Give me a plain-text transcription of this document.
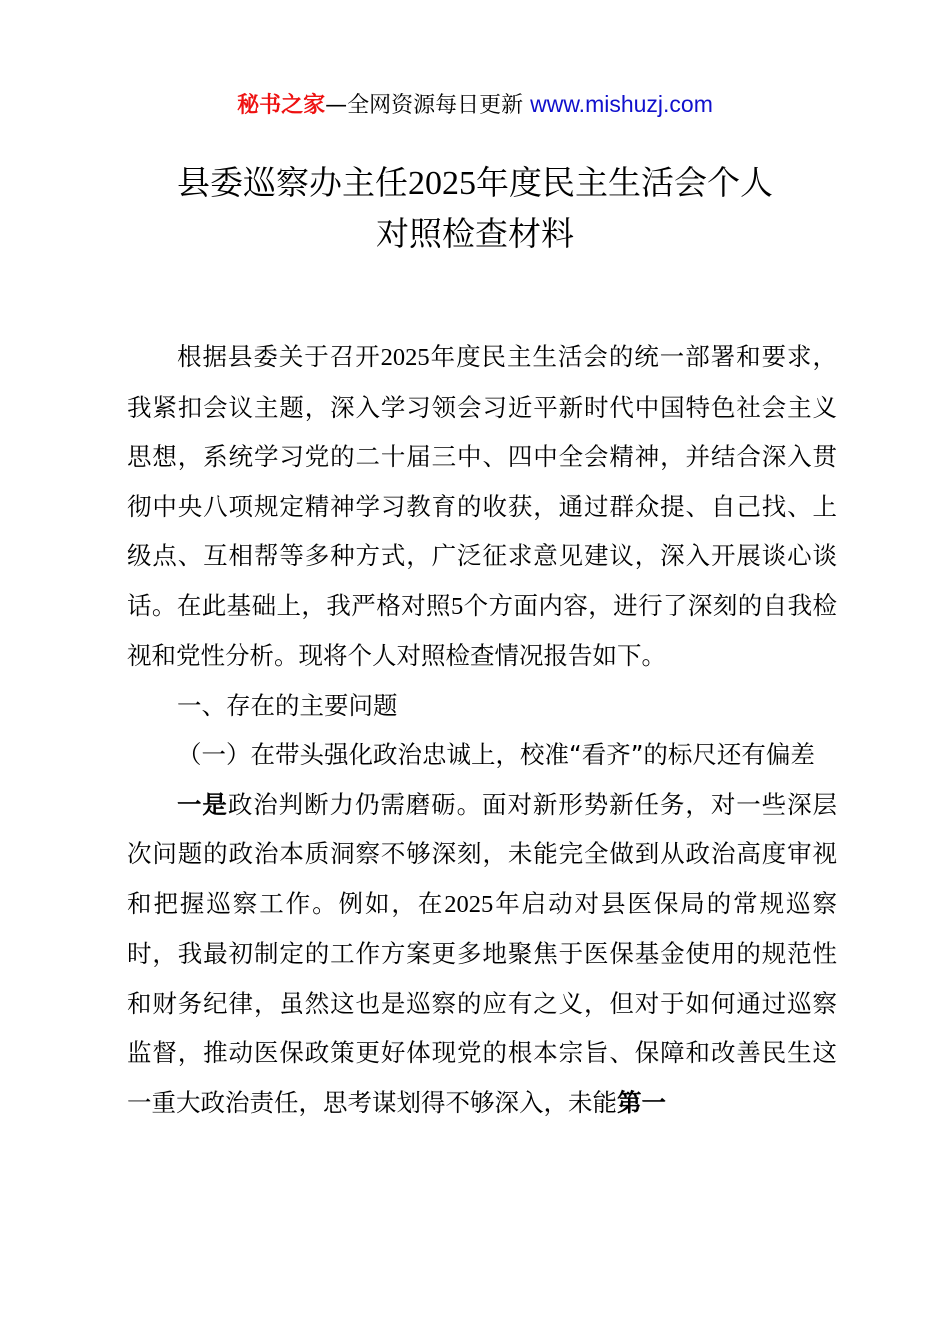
秘书之家—全网资源每日更新 www.mishuzj.com
县委巡察办主任2025年度民主生活会个人
对照检查材料

根据县委关于召开2025年度民主生活会的统一部署和要求，我紧扣会议主题，深入学习领会习近平新时代中国特色社会主义思想，系统学习党的二十届三中、四中全会精神，并结合深入贯彻中央八项规定精神学习教育的收获，通过群众提、自己找、上级点、互相帮等多种方式，广泛征求意见建议，深入开展谈心谈话。在此基础上，我严格对照5个方面内容，进行了深刻的自我检视和党性分析。现将个人对照检查情况报告如下。

一、存在的主要问题

（一）在带头强化政治忠诚上，校准“看齐”的标尺还有偏差

一是政治判断力仍需磨砺。面对新形势新任务，对一些深层次问题的政治本质洞察不够深刻，未能完全做到从政治高度审视和把握巡察工作。例如，在2025年启动对县医保局的常规巡察时，我最初制定的工作方案更多地聚焦于医保基金使用的规范性和财务纪律，虽然这也是巡察的应有之义，但对于如何通过巡察监督，推动医保政策更好体现党的根本宗旨、保障和改善民生这一重大政治责任，思考谋划得不够深入，未能第一
